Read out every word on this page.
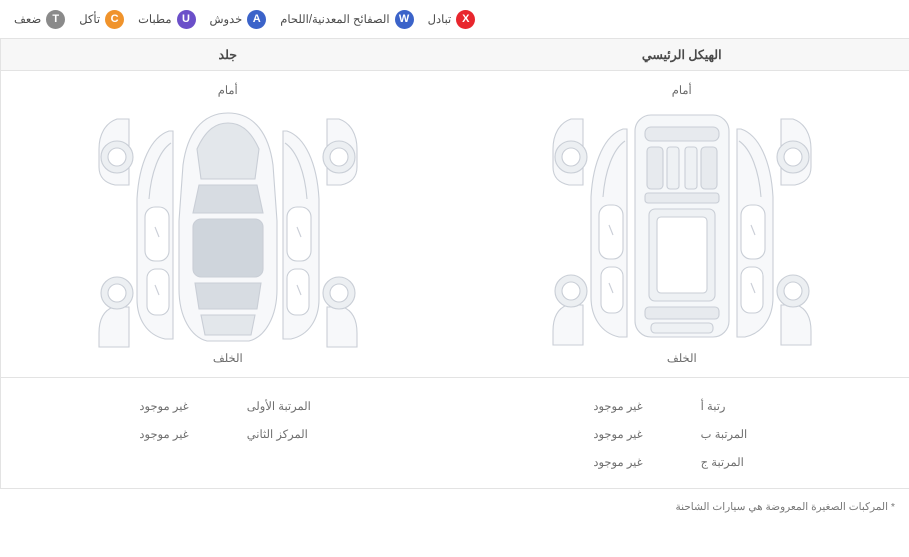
X
تبادل
W
الصفائح المعدنية/اللحام
A
خدوش
U
مطبات
C
تأكل
T
ضعف
الهيكل الرئيسي
جلد
أمام
الخلف
أمام
الخلف
رتبة أ
غير موجود
المرتبة ب
غير موجود
المرتبة ج
غير موجود
المرتبة الأولى
غير موجود
المركز الثاني
غير موجود
* المركبات الصغيرة المعروضة هي سيارات الشاحنة
